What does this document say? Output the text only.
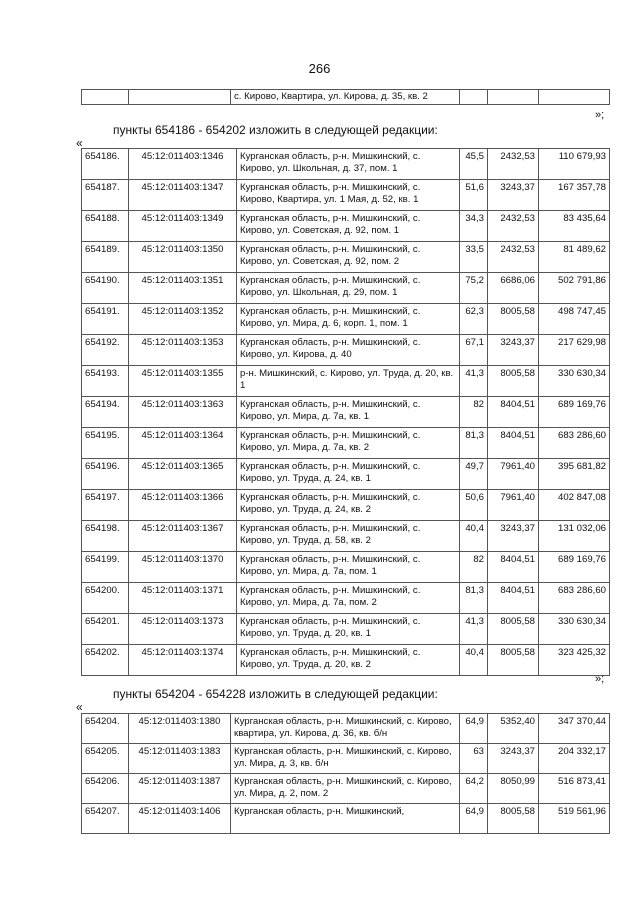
266
		с. Кирово, Квартира, ул. Кирова, д. 35, кв. 2			
»;
пункты 654186 - 654202 изложить в следующей редакции:
«
654186.	45:12:011403:1346	Курганская область, р-н. Мишкинский, с. Кирово, ул. Школьная, д. 37, пом. 1	45,5	2432,53	110 679,93
654187.	45:12:011403:1347	Курганская область, р-н. Мишкинский, с. Кирово, Квартира, ул. 1 Мая, д. 52, кв. 1	51,6	3243,37	167 357,78
654188.	45:12:011403:1349	Курганская область, р-н. Мишкинский, с. Кирово, ул. Советская, д. 92, пом. 1	34,3	2432,53	83 435,64
654189.	45:12:011403:1350	Курганская область, р-н. Мишкинский, с. Кирово, ул. Советская, д. 92, пом. 2	33,5	2432,53	81 489,62
654190.	45:12:011403:1351	Курганская область, р-н. Мишкинский, с. Кирово, ул. Школьная, д. 29, пом. 1	75,2	6686,06	502 791,86
654191.	45:12:011403:1352	Курганская область, р-н. Мишкинский, с. Кирово, ул. Мира, д. 6, корп. 1, пом. 1	62,3	8005,58	498 747,45
654192.	45:12:011403:1353	Курганская область, р-н. Мишкинский, с. Кирово, ул. Кирова, д. 40	67,1	3243,37	217 629,98
654193.	45:12:011403:1355	р-н. Мишкинский, с. Кирово, ул. Труда, д. 20, кв. 1	41,3	8005,58	330 630,34
654194.	45:12:011403:1363	Курганская область, р-н. Мишкинский, с. Кирово, ул. Мира, д. 7а, кв. 1	82	8404,51	689 169,76
654195.	45:12:011403:1364	Курганская область, р-н. Мишкинский, с. Кирово, ул. Мира, д. 7а, кв. 2	81,3	8404,51	683 286,60
654196.	45:12:011403:1365	Курганская область, р-н. Мишкинский, с. Кирово, ул. Труда, д. 24, кв. 1	49,7	7961,40	395 681,82
654197.	45:12:011403:1366	Курганская область, р-н. Мишкинский, с. Кирово, ул. Труда, д. 24, кв. 2	50,6	7961,40	402 847,08
654198.	45:12:011403:1367	Курганская область, р-н. Мишкинский, с. Кирово, ул. Труда, д. 58, кв. 2	40,4	3243,37	131 032,06
654199.	45:12:011403:1370	Курганская область, р-н. Мишкинский, с. Кирово, ул. Мира, д. 7а, пом. 1	82	8404,51	689 169,76
654200.	45:12:011403:1371	Курганская область, р-н. Мишкинский, с. Кирово, ул. Мира, д. 7а, пом. 2	81,3	8404,51	683 286,60
654201.	45:12:011403:1373	Курганская область, р-н. Мишкинский, с. Кирово, ул. Труда, д. 20, кв. 1	41,3	8005,58	330 630,34
654202.	45:12:011403:1374	Курганская область, р-н. Мишкинский, с. Кирово, ул. Труда, д. 20, кв. 2	40,4	8005,58	323 425,32
»;
пункты 654204 - 654228 изложить в следующей редакции:
«
654204.	45:12:011403:1380	Курганская область, р-н. Мишкинский, с. Кирово, квартира, ул. Кирова, д. 36, кв. б/н	64,9	5352,40	347 370,44
654205.	45:12:011403:1383	Курганская область, р-н. Мишкинский, с. Кирово, ул. Мира, д. 3, кв. б/н	63	3243,37	204 332,17
654206.	45:12:011403:1387	Курганская область, р-н. Мишкинский, с. Кирово, ул. Мира, д. 2, пом. 2	64,2	8050,99	516 873,41
654207.	45:12:011403:1406	Курганская область, р-н. Мишкинский,	64,9	8005,58	519 561,96
